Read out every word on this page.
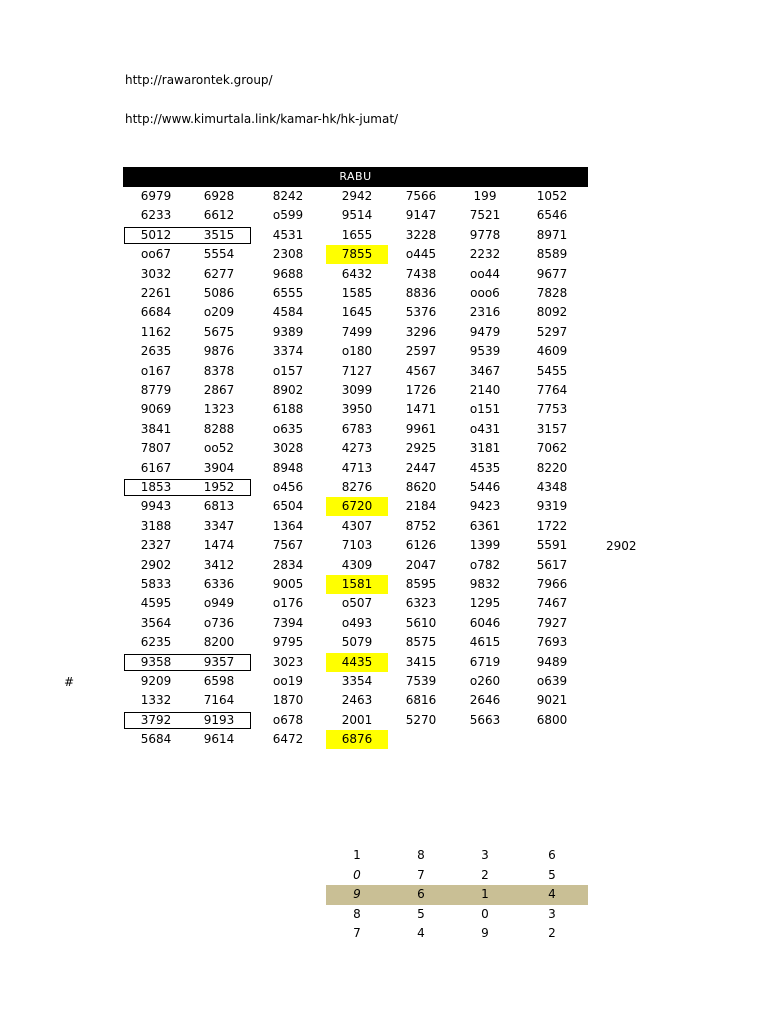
http://rawarontek.group/
http://www.kimurtala.link/kamar-hk/hk-jumat/
RABU
6979	6928	8242	2942	7566	199	1052
6233	6612	o599	9514	9147	7521	6546
5012	3515	4531	1655	3228	9778	8971
oo67	5554	2308	7855	o445	2232	8589
3032	6277	9688	6432	7438	oo44	9677
2261	5086	6555	1585	8836	ooo6	7828
6684	o209	4584	1645	5376	2316	8092
1162	5675	9389	7499	3296	9479	5297
2635	9876	3374	o180	2597	9539	4609
o167	8378	o157	7127	4567	3467	5455
8779	2867	8902	3099	1726	2140	7764
9069	1323	6188	3950	1471	o151	7753
3841	8288	o635	6783	9961	o431	3157
7807	oo52	3028	4273	2925	3181	7062
6167	3904	8948	4713	2447	4535	8220
1853	1952	o456	8276	8620	5446	4348
9943	6813	6504	6720	2184	9423	9319
3188	3347	1364	4307	8752	6361	1722
2327	1474	7567	7103	6126	1399	5591
2902	3412	2834	4309	2047	o782	5617
5833	6336	9005	1581	8595	9832	7966
4595	o949	o176	o507	6323	1295	7467
3564	o736	7394	o493	5610	6046	7927
6235	8200	9795	5079	8575	4615	7693
9358	9357	3023	4435	3415	6719	9489
9209	6598	oo19	3354	7539	o260	o639
1332	7164	1870	2463	6816	2646	9021
3792	9193	o678	2001	5270	5663	6800
5684	9614	6472	6876
2902
#
1	8	3	6
0	7	2	5
9	6	1	4
8	5	0	3
7	4	9	2
